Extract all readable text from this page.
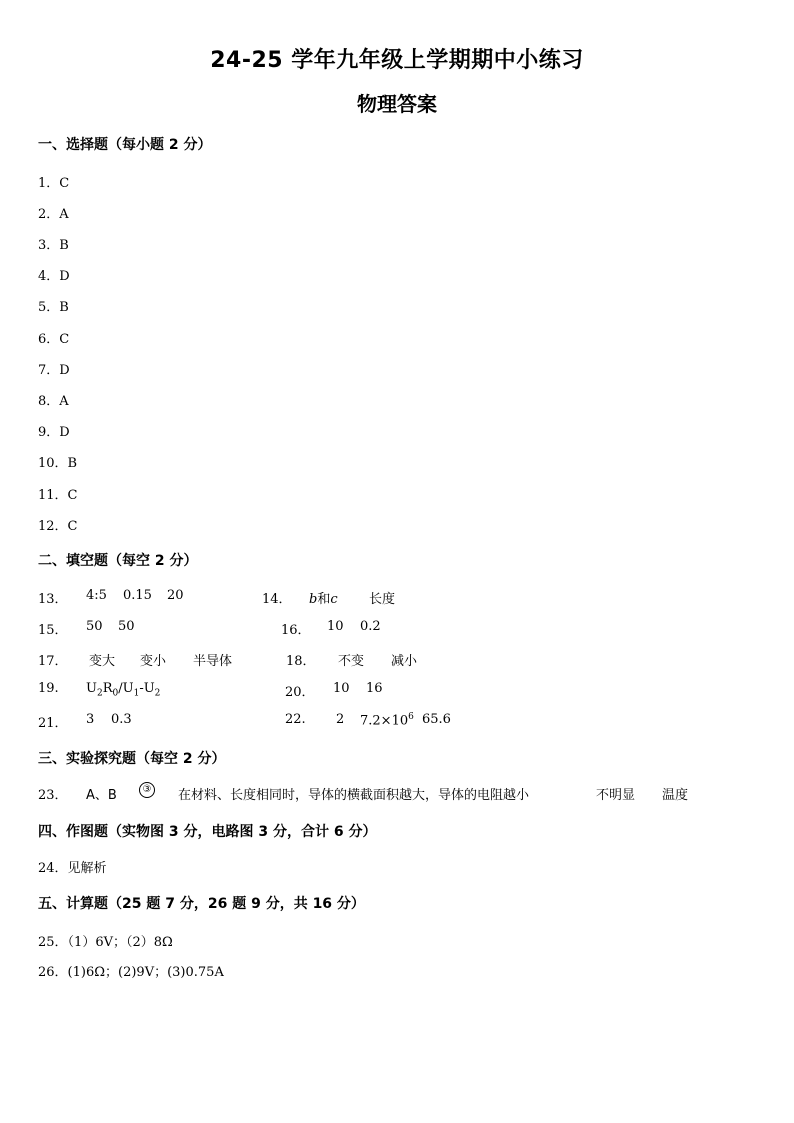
24-25 学年九年级上学期期中小练习
物理答案
一、选择题（每小题 2 分）
1．C
2．A
3．B
4．D
5．B
6．C
7．D
8．A
9．D
10．B
11．C
12．C
二、填空题（每空 2 分）
13． 4:5 0.15 20	14． b和c 长度
15． 50 50	16． 10 0.2
17． 变大 变小 半导体	18． 不变 减小
19. $U_2R_0/U_1-U_2$	20． 10 16
21． 3 0.3	22. 2 $7.2\times 10^6$ 65.6
三、实验探究题（每空 2 分）
23． A、B	③ 在材料、长度相同时，导体的横截面积越大，导体的电阻越小	不明显 温度
四、作图题（实物图 3 分，电路图 3 分，合计 6 分）
24．见解析
五、计算题（25 题 7 分，26 题 9 分，共 16 分）
25．（1）6V；（2）8Ω
26．(1)6Ω；(2)9V；(3)0.75A
